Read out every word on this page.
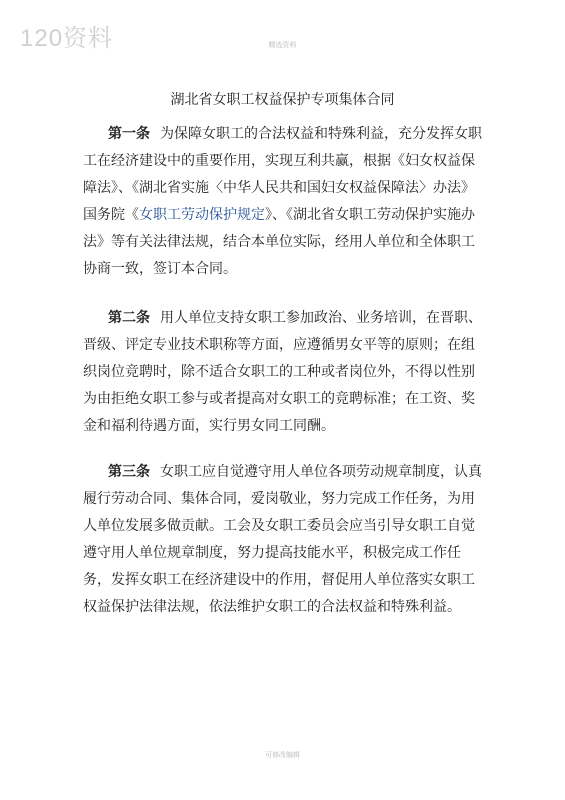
120资料	精选资料
湖北省女职工权益保护专项集体合同

第一条 为保障女职工的合法权益和特殊利益，充分发挥女职工在经济建设中的重要作用，实现互利共赢，根据《妇女权益保障法》、《湖北省实施〈中华人民共和国妇女权益保障法〉办法》国务院《女职工劳动保护规定》、《湖北省女职工劳动保护实施办法》等有关法律法规，结合本单位实际，经用人单位和全体职工协商一致，签订本合同。

第二条 用人单位支持女职工参加政治、业务培训，在晋职、晋级、评定专业技术职称等方面，应遵循男女平等的原则；在组织岗位竞聘时，除不适合女职工的工种或者岗位外，不得以性别为由拒绝女职工参与或者提高对女职工的竞聘标准；在工资、奖金和福利待遇方面，实行男女同工同酬。

第三条 女职工应自觉遵守用人单位各项劳动规章制度，认真履行劳动合同、集体合同，爱岗敬业，努力完成工作任务，为用人单位发展多做贡献。工会及女职工委员会应当引导女职工自觉遵守用人单位规章制度，努力提高技能水平，积极完成工作任务，发挥女职工在经济建设中的作用，督促用人单位落实女职工权益保护法律法规，依法维护女职工的合法权益和特殊利益。

可修改编辑
